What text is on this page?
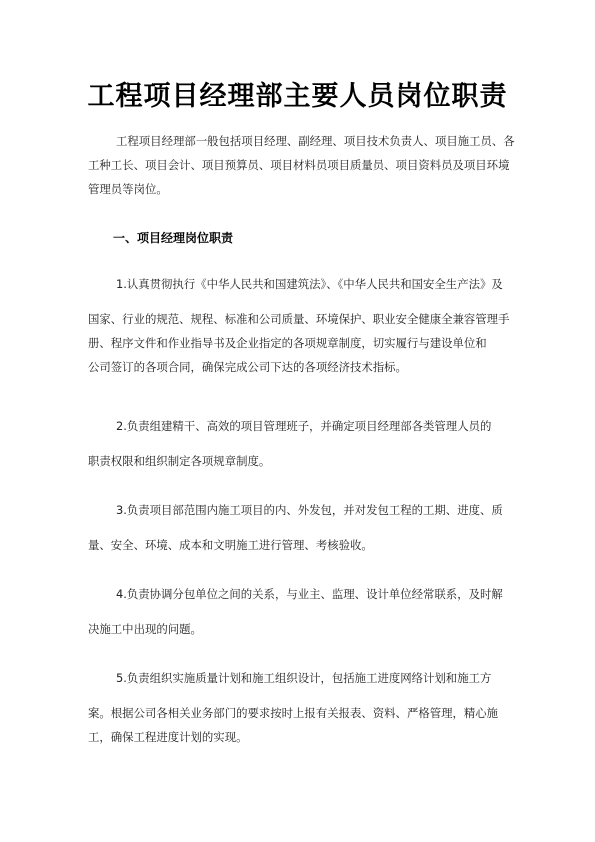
工程项目经理部主要人员岗位职责
工程项目经理部一般包括项目经理、副经理、项目技术负责人、项目施工员、各
工种工长、项目会计、项目预算员、项目材料员项目质量员、项目资料员及项目环境
管理员等岗位。
一、项目经理岗位职责
1.认真贯彻执行《中华人民共和国建筑法》、《中华人民共和国安全生产法》及
国家、行业的规范、规程、标准和公司质量、环境保护、职业安全健康全兼容管理手
册、程序文件和作业指导书及企业指定的各项规章制度，切实履行与建设单位和
公司签订的各项合同，确保完成公司下达的各项经济技术指标。
2.负责组建精干、高效的项目管理班子，并确定项目经理部各类管理人员的
职责权限和组织制定各项规章制度。
3.负责项目部范围内施工项目的内、外发包，并对发包工程的工期、进度、质
量、安全、环境、成本和文明施工进行管理、考核验收。
4.负责协调分包单位之间的关系，与业主、监理、设计单位经常联系，及时解
决施工中出现的问题。
5.负责组织实施质量计划和施工组织设计，包括施工进度网络计划和施工方
案。根据公司各相关业务部门的要求按时上报有关报表、资料、严格管理，精心施
工，确保工程进度计划的实现。
